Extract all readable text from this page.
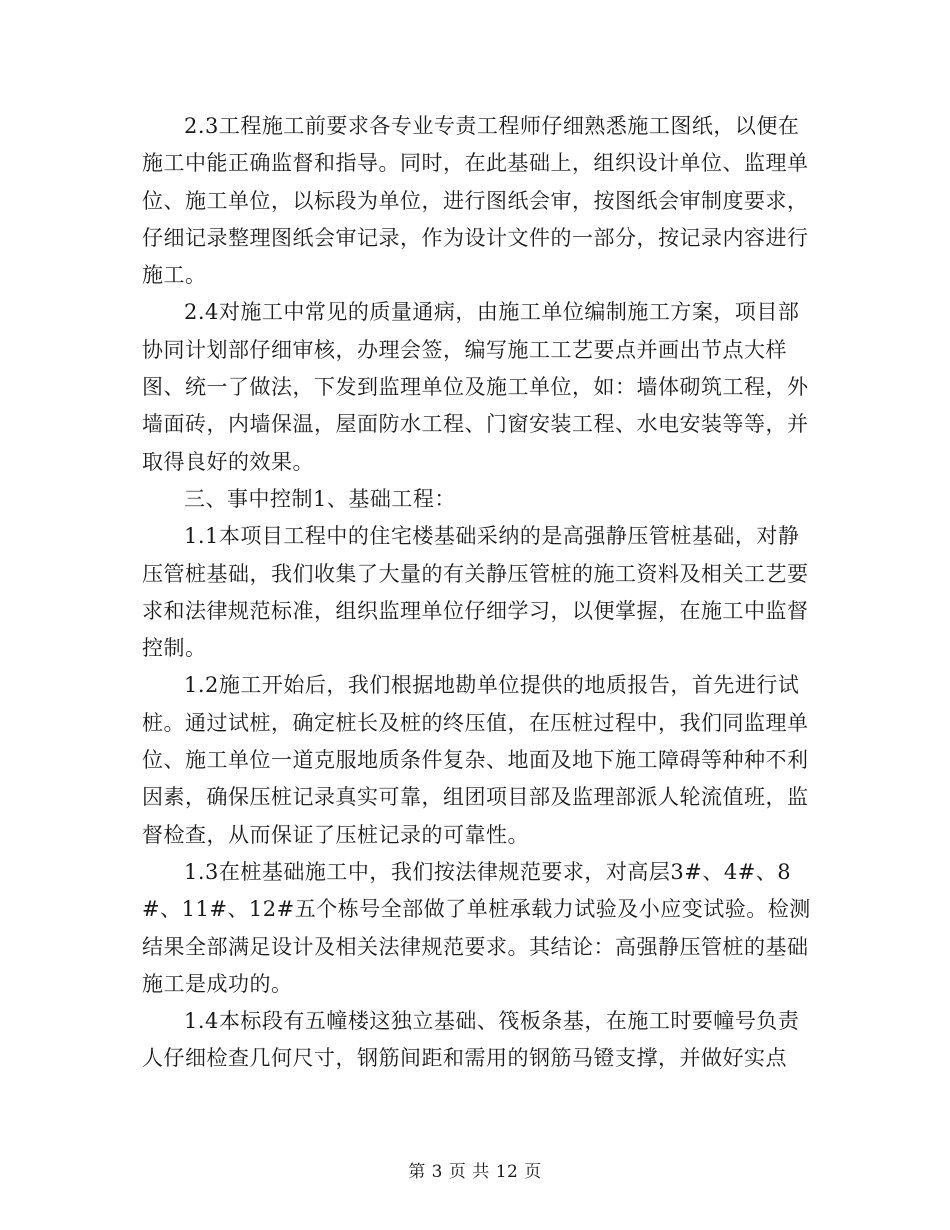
2.3工程施工前要求各专业专责工程师仔细熟悉施工图纸，以便在施工中能正确监督和指导。同时，在此基础上，组织设计单位、监理单位、施工单位，以标段为单位，进行图纸会审，按图纸会审制度要求，仔细记录整理图纸会审记录，作为设计文件的一部分，按记录内容进行施工。

2.4对施工中常见的质量通病，由施工单位编制施工方案，项目部协同计划部仔细审核，办理会签，编写施工工艺要点并画出节点大样图、统一了做法，下发到监理单位及施工单位，如：墙体砌筑工程，外墙面砖，内墙保温，屋面防水工程、门窗安装工程、水电安装等等，并取得良好的效果。

三、事中控制1、基础工程：

1.1本项目工程中的住宅楼基础采纳的是高强静压管桩基础，对静压管桩基础，我们收集了大量的有关静压管桩的施工资料及相关工艺要求和法律规范标准，组织监理单位仔细学习，以便掌握，在施工中监督控制。

1.2施工开始后，我们根据地勘单位提供的地质报告，首先进行试桩。通过试桩，确定桩长及桩的终压值，在压桩过程中，我们同监理单位、施工单位一道克服地质条件复杂、地面及地下施工障碍等种种不利因素，确保压桩记录真实可靠，组团项目部及监理部派人轮流值班，监督检查，从而保证了压桩记录的可靠性。

1.3在桩基础施工中，我们按法律规范要求，对高层3#、4#、8#、11#、12#五个栋号全部做了单桩承载力试验及小应变试验。检测结果全部满足设计及相关法律规范要求。其结论：高强静压管桩的基础施工是成功的。

1.4本标段有五幢楼这独立基础、筏板条基，在施工时要幢号负责人仔细检查几何尺寸，钢筋间距和需用的钢筋马镫支撑，并做好实点

第 3 页 共 12 页
